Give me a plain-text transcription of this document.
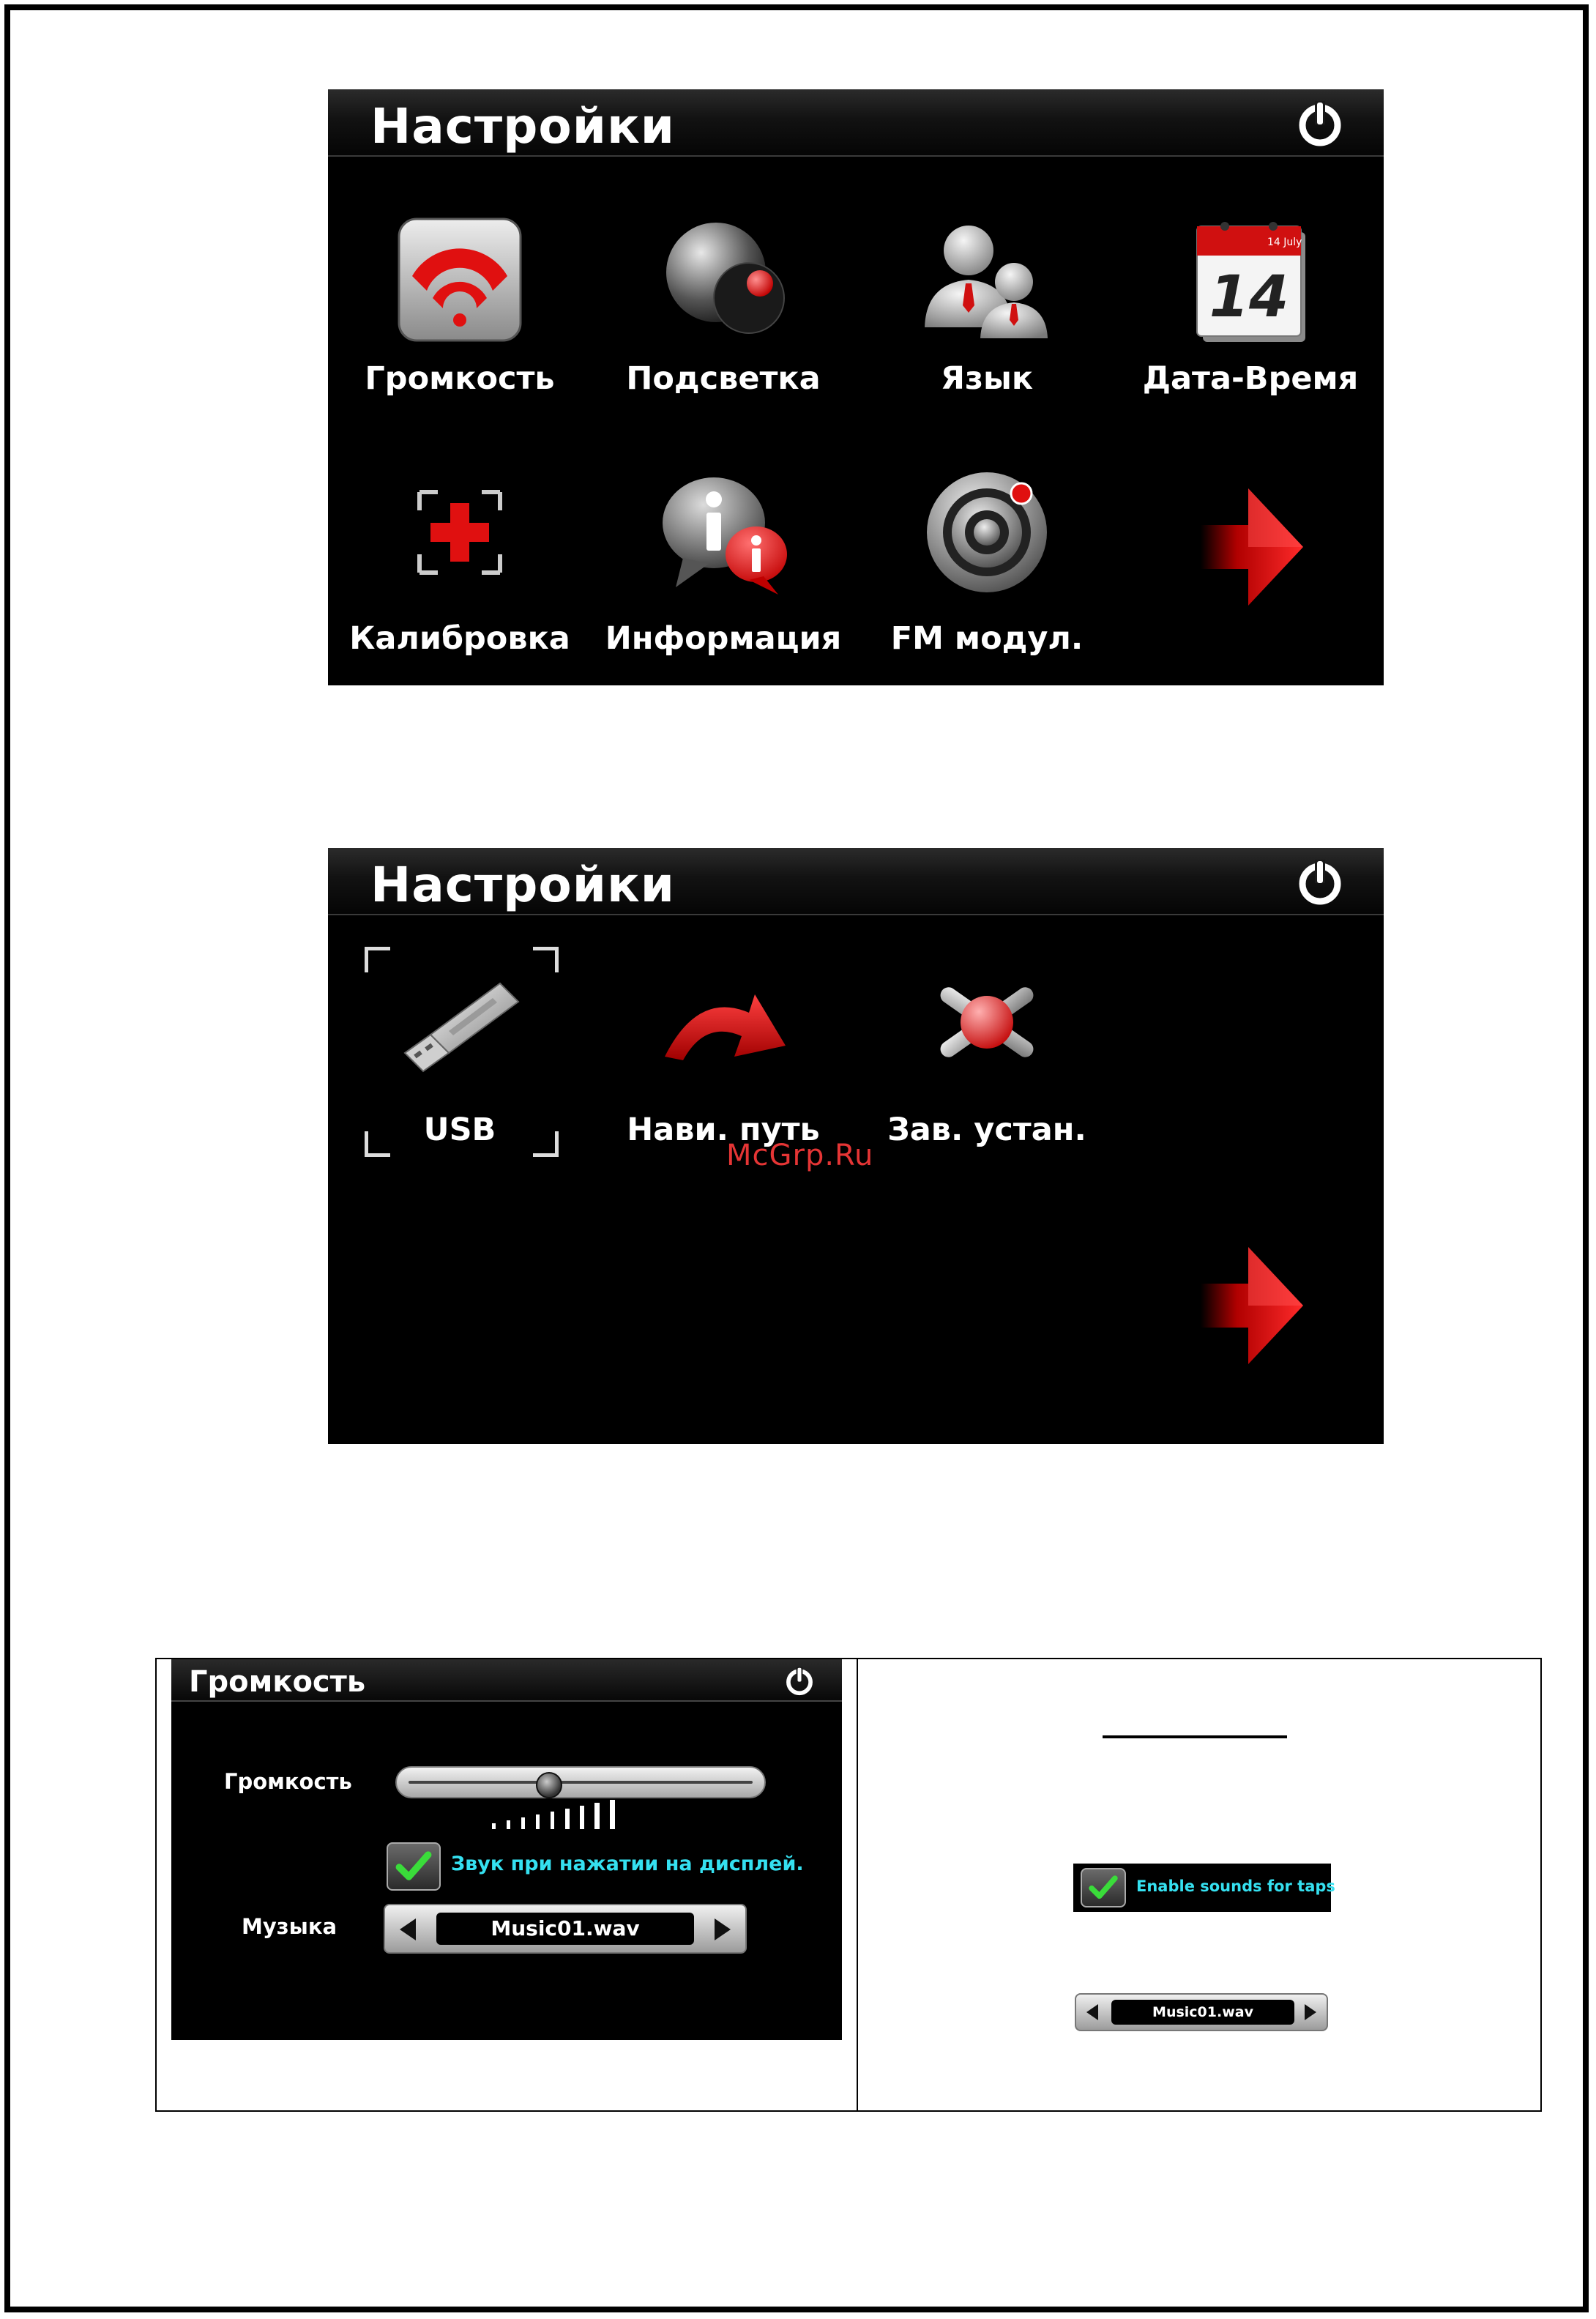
Настройки
Громкость	Подсветка	Язык
14 July
14
Дата-Время
Калибровка	Информация	FM модул.
Настройки
USB	Нави. путь	Зав. устан.
McGrp.Ru
Громкость
Громкость
Звук при нажатии на дисплей.
Музыка	Music01.wav
Enable sounds for taps
Music01.wav
